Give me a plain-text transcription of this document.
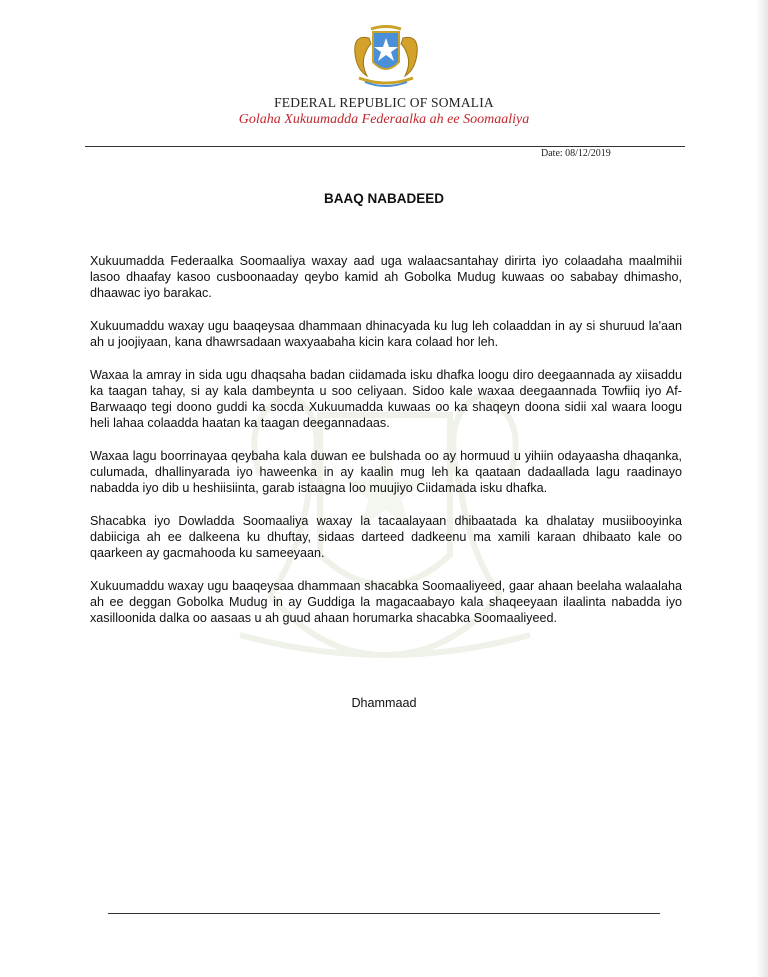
FEDERAL REPUBLIC OF SOMALIA
Golaha Xukuumadda Federaalka ah ee Soomaaliya
Date: 08/12/2019
BAAQ NABADEED

Xukuumadda Federaalka Soomaaliya waxay aad uga walaacsantahay dirirta iyo colaadaha maalmihii lasoo dhaafay kasoo cusboonaaday qeybo kamid ah Gobolka Mudug kuwaas oo sababay dhimasho, dhaawac iyo barakac.

Xukuumaddu waxay ugu baaqeysaa dhammaan dhinacyada ku lug leh colaaddan in ay si shuruud la'aan ah u joojiyaan, kana dhawrsadaan waxyaabaha kicin kara colaad hor leh.

Waxaa la amray in sida ugu dhaqsaha badan ciidamada isku dhafka loogu diro deegaannada ay xiisaddu ka taagan tahay, si ay kala dambeynta u soo celiyaan. Sidoo kale waxaa deegaannada Towfiiq iyo Af-Barwaaqo tegi doono guddi ka socda Xukuumadda kuwaas oo ka shaqeyn doona sidii xal waara loogu heli lahaa colaadda haatan ka taagan deegannadaas.

Waxaa lagu boorrinayaa qeybaha kala duwan ee bulshada oo ay hormuud u yihiin odayaasha dhaqanka, culumada, dhallinyarada iyo haweenka in ay kaalin mug leh ka qaataan dadaallada lagu raadinayo nabadda iyo dib u heshiisiinta, garab istaagna loo muujiyo Ciidamada isku dhafka.

Shacabka iyo Dowladda Soomaaliya waxay la tacaalayaan dhibaatada ka dhalatay musiibooyinka dabiiciga ah ee dalkeena ku dhuftay, sidaas darteed dadkeenu ma xamili karaan dhibaato kale oo qaarkeen ay gacmahooda ku sameeyaan.

Xukuumaddu waxay ugu baaqeysaa dhammaan shacabka Soomaaliyeed, gaar ahaan beelaha walaalaha ah ee deggan Gobolka Mudug in ay Guddiga la magacaabayo kala shaqeeyaan ilaalinta nabadda iyo xasilloonida dalka oo aasaas u ah guud ahaan horumarka shacabka Soomaaliyeed.

Dhammaad
